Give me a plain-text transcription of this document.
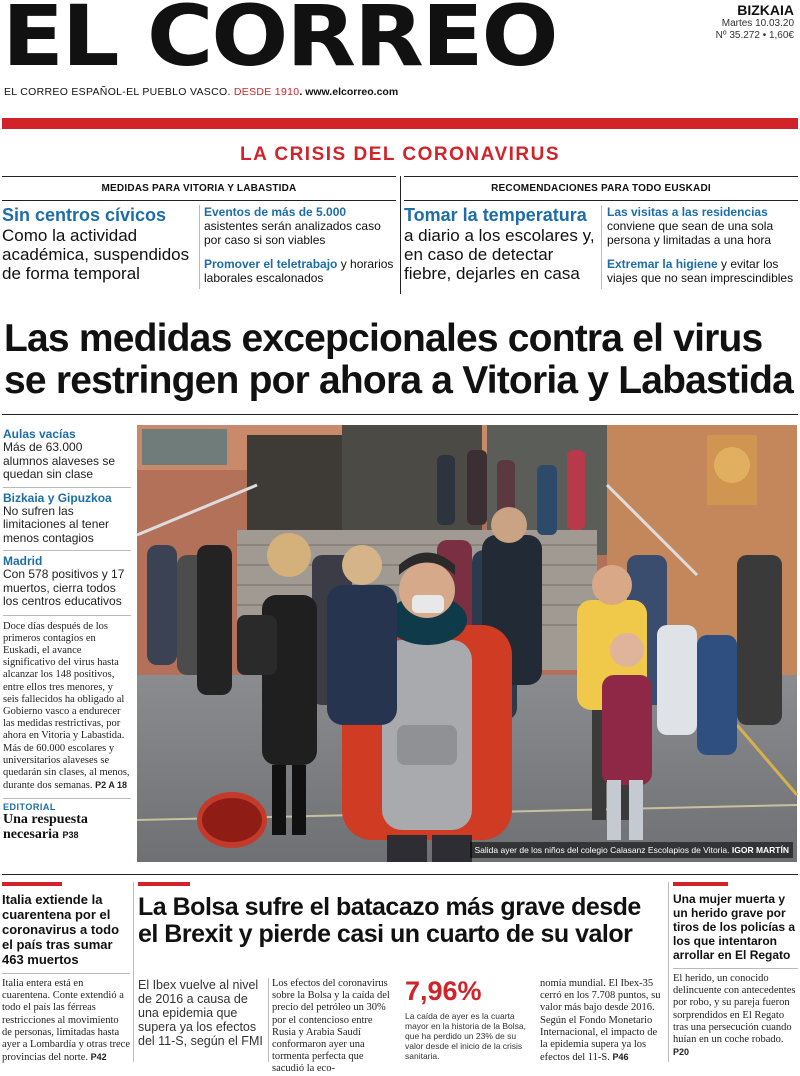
EL CORREO	BIZKAIA
Martes 10.03.20
Nº 35.272 • 1,60€
EL CORREO ESPAÑOL-EL PUEBLO VASCO. DESDE 1910. www.elcorreo.com
LA CRISIS DEL CORONAVIRUS
MEDIDAS PARA VITORIA Y LABASTIDA
Sin centros cívicos
Como la actividad académica, suspendidos de forma temporal
Eventos de más de 5.000
asistentes serán analizados caso por caso si son viables
Promover el teletrabajo y horarios laborales escalonados
RECOMENDACIONES PARA TODO EUSKADI
Tomar la temperatura
a diario a los escolares y, en caso de detectar fiebre, dejarles en casa
Las visitas a las residencias
conviene que sean de una sola persona y limitadas a una hora
Extremar la higiene y evitar los viajes que no sean imprescindibles
Las medidas excepcionales contra el virus se restringen por ahora a Vitoria y Labastida
Aulas vacías
Más de 63.000 alumnos alaveses se quedan sin clase
Bizkaia y Gipuzkoa
No sufren las limitaciones al tener menos contagios
Madrid
Con 578 positivos y 17 muertos, cierra todos los centros educativos
Doce días después de los primeros contagios en Euskadi, el avance significativo del virus hasta alcanzar los 148 positivos, entre ellos tres menores, y seis fallecidos ha obligado al Gobierno vasco a endurecer las medidas restrictivas, por ahora en Vitoria y Labastida. Más de 60.000 escolares y universitarios alaveses se quedarán sin clases, al menos, durante dos semanas. P2 A 18
EDITORIAL
Una respuesta necesaria P38
Salida ayer de los niños del colegio Calasanz Escolapios de Vitoria. IGOR MARTÍN
Italia extiende la cuarentena por el coronavirus a todo el país tras sumar 463 muertos
Italia entera está en cuarentena. Conte extendió a todo el país las férreas restricciones al movimiento de personas, limitadas hasta ayer a Lombardía y otras trece provincias del norte. P42
La Bolsa sufre el batacazo más grave desde el Brexit y pierde casi un cuarto de su valor
El Ibex vuelve al nivel de 2016 a causa de una epidemia que supera ya los efectos del 11-S, según el FMI
Los efectos del coronavirus sobre la Bolsa y la caída del precio del petróleo un 30% por el contencioso entre Rusia y Arabia Saudí conformaron ayer una tormenta perfecta que sacudió la eco-
7,96%
La caída de ayer es la cuarta mayor en la historia de la Bolsa, que ha perdido un 23% de su valor desde el inicio de la crisis sanitaria.
nomía mundial. El Ibex-35 cerró en los 7.708 puntos, su valor más bajo desde 2016. Según el Fondo Monetario Internacional, el impacto de la epidemia supera ya los efectos del 11-S. P46
Una mujer muerta y un herido grave por tiros de los policías a los que intentaron arrollar en El Regato
El herido, un conocido delincuente con antecedentes por robo, y su pareja fueron sorprendidos en El Regato tras una persecución cuando huían en un coche robado. P20
